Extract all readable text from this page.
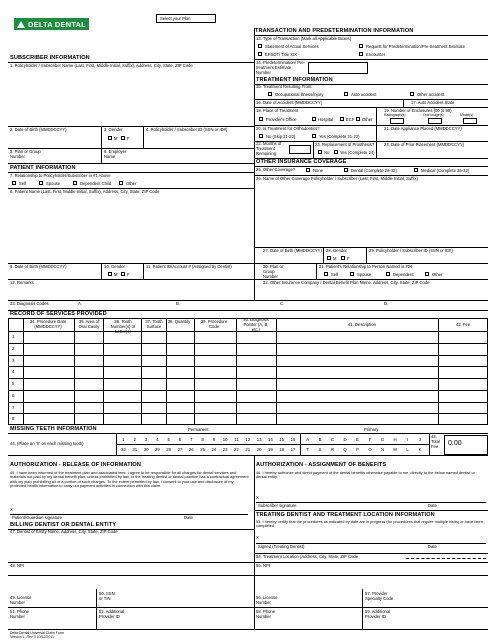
DELTA DENTAL
Select your Plan
TRANSACTION AND PREDETERMINATION INFORMATION
13. Type of Transaction (Mark all Applicable Boxes)
Statement of Actual Services	Request for Predetermination/Pre-treatment Estimate
EPSDT/ Title XIX	Encounter
14. Predetermination/ Pre-treatment Estimate Number
TREATMENT INFORMATION
15. Treatment Resulting From:
Occupational illness/injury	Auto accident	Other accident
16. Date of Accident (MMDDCCYY)	17. Auto Accident State
18. Place of Treatment
Provider's Office	Hospital	ECF Other
19. Number of Enclosures (00 to 99)
Radiograph(s)	Oral Image(s)	Model(s)
20. Is Treatment for Orthodontics?
No (Skip 21-22)	Yes (Complete 21-22)
21. Date Appliance Placed (MMDDCCYY)
22. Months of Treatment Remaining
23. Replacement of Prosthesis?
No	Yes (Complete 24)
24. Date of Prior Placement (MMDDCCYY)
OTHER INSURANCE COVERAGE
25. Other Coverage?	None	Dental (Complete 26-32)	Medical (Complete 26-32)
26. Name of Other Coverage Policyholder / Subscriber (Last, First, Middle Initial, Suffix)
SUBSCRIBER INFORMATION
1. Policyholder / Subscriber Name (Last, First, Middle Initial, Suffix), Address, City, State, ZIP Code
2. Date of Birth (MMDDCCYY)	3. Gender
M F
4. Policyholder / Subscriber ID (SSN or ID#)
5. Plan or Group Number
6. Employer Name
PATIENT INFORMATION
7. Relationship to Policyholder/Subscriber in #1 Above
Self	Spouse	Dependent Child	Other
8. Patient Name (Last, First, Middle Initial, Suffix), Address, City, State, ZIP Code
27. Date of Birth (MMDDCCYY) 28. Gender
M	F
29. Policyholder / Subscriber ID (SSN or ID#)
30. Plan or Group Number
31. Patient's Relationship to Person Named in #26
Self	Spouse	Dependent	Other
32. Other Insurance Company / Dental Benefit Plan Name, Address, City, State, ZIP Code
9. Date of Birth (MMDDCCYY)	10. Gender
M F
11. Patient ID/Account # (Assigned by Dentist)
12. Remarks
33. Diagnosis Codes	A.	B.	C.	D.
RECORD OF SERVICES PROVIDED
34. Procedure Date (MMDDCCYY)
35. Area of Oral Cavity
36. Tooth Number(s) or Letter(s)
37. Tooth Surface
38. Quantity	39. Procedure Code
40. Diagnosis Pointer (A, B, etc.)
41. Description	42. Fee
1
2
3
4
5
6
7
8
MISSING TEETH INFORMATION	Permanent	Primary
44. (Place an 'X' on each missing tooth)
1	2	3	4	5	6	7	8	9	10 11 12 13 14 15 16
32 31 30 29 28 27 26 25 24 23 22 21 20 19 18 17
A	B	C	D	E	F	G	H	I	J
T	S	R	Q	P	O	N	M	L	K
43. Total Fee	0.00
AUTHORIZATION - RELEASE OF INFORMATION
45. I have been informed of the treatment plan and associated fees. I agree to be responsible for all charges for dental services and materials not paid by my dental benefit plan, unless prohibited by law, or the treating dentist or dental practice has a contractual agreement with my plan prohibiting all or a portion of such charges. To the extent permitted by law, I consent to your use and disclosure of my protected health information to carry out payment activities in connection with this claim.
X
Patient/Guardian signature	Date
AUTHORIZATION - ASSIGNMENT OF BENEFITS
46. I hereby authorize and direct payment of the dental benefits otherwise payable to me, directly to the below named dentist or dental entity.
X
Subscriber signature	Date
BILLING DENTIST OR DENTAL ENTITY
47. Dentist or Entity Name, Address, City, State, ZIP Code
TREATING DENTIST AND TREATMENT LOCATION INFORMATION
53. I hereby certify that the procedures as indicated by date are in progress (for procedures that require multiple visits) or have been completed
X
Signed (Treating Dentist)	Date
54. Treatment Location (Address, City, State, ZIP Code
48. NPI
49. License Number
50. SSN or TIN
51. Phone Number
52. Additional Provider ID
55. NPI
56. License Number
57. Provider Specialty Code
58. Phone Number
59. Additional Provider ID
Delta Dental Universal Claim Form
Version 1, Rev 3 10/12/2011
